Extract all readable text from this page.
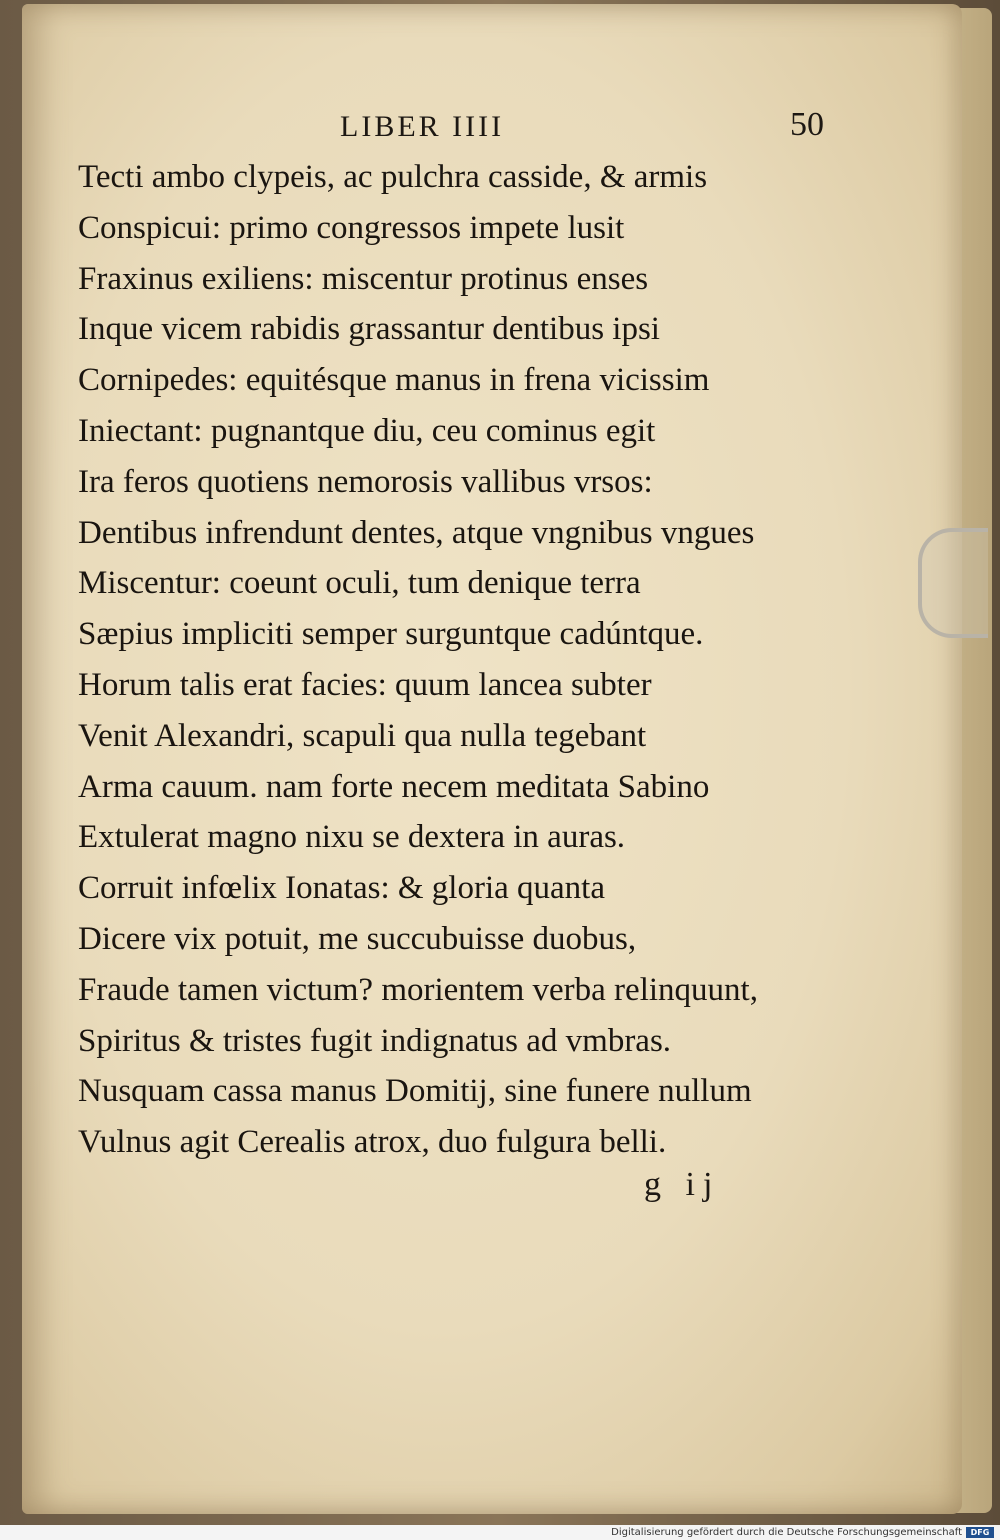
LIBER IIII	50
Tecti ambo clypeis, ac pulchra casside, & armis
Conspicui: primo congressos impete lusit
Fraxinus exiliens: miscentur protinus enses
Inque vicem rabidis grassantur dentibus ipsi
Cornipedes: equitésque manus in frena vicissim
Iniectant: pugnantque diu, ceu cominus egit
Ira feros quotiens nemorosis vallibus vrsos:
Dentibus infrendunt dentes, atque vngnibus vngues
Miscentur: coeunt oculi, tum denique terra
Sæpius impliciti semper surguntque cadúntque.
Horum talis erat facies: quum lancea subter
Venit Alexandri, scapuli qua nulla tegebant
Arma cauum. nam forte necem meditata Sabino
Extulerat magno nixu se dextera in auras.
Corruit infœlix Ionatas: & gloria quanta
Dicere vix potuit, me succubuisse duobus,
Fraude tamen victum? morientem verba relinquunt,
Spiritus & tristes fugit indignatus ad vmbras.
Nusquam cassa manus Domitij, sine funere nullum
Vulnus agit Cerealis atrox, duo fulgura belli.
g ij
Digitalisierung gefördert durch die Deutsche Forschungsgemeinschaft	DFG
